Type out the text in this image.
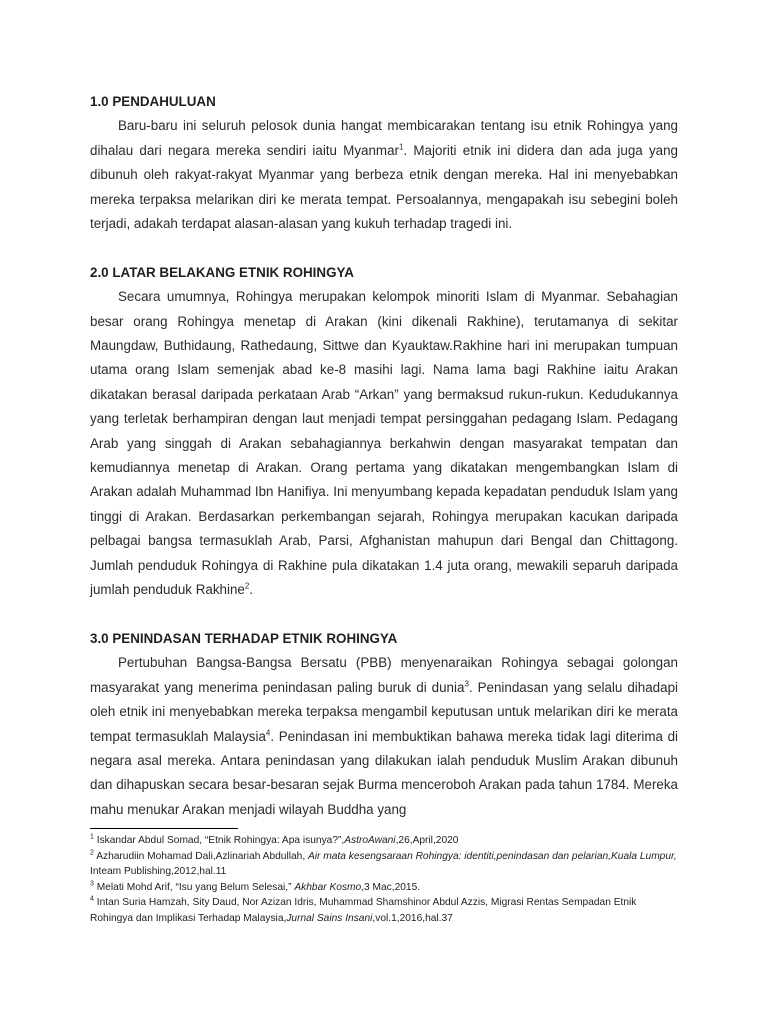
1.0 PENDAHULUAN

Baru-baru ini seluruh pelosok dunia hangat membicarakan tentang isu etnik Rohingya yang dihalau dari negara mereka sendiri iaitu Myanmar$^1$. Majoriti etnik ini didera dan ada juga yang dibunuh oleh rakyat-rakyat Myanmar yang berbeza etnik dengan mereka. Hal ini menyebabkan mereka terpaksa melarikan diri ke merata tempat. Persoalannya, mengapakah isu sebegini boleh terjadi, adakah terdapat alasan-alasan yang kukuh terhadap tragedi ini.

2.0 LATAR BELAKANG ETNIK ROHINGYA

Secara umumnya, Rohingya merupakan kelompok minoriti Islam di Myanmar. Sebahagian besar orang Rohingya menetap di Arakan (kini dikenali Rakhine), terutamanya di sekitar Maungdaw, Buthidaung, Rathedaung, Sittwe dan Kyauktaw.Rakhine hari ini merupakan tumpuan utama orang Islam semenjak abad ke-8 masihi lagi. Nama lama bagi Rakhine iaitu Arakan dikatakan berasal daripada perkataan Arab “Arkan” yang bermaksud rukun-rukun. Kedudukannya yang terletak berhampiran dengan laut menjadi tempat persinggahan pedagang Islam. Pedagang Arab yang singgah di Arakan sebahagiannya berkahwin dengan masyarakat tempatan dan kemudiannya menetap di Arakan. Orang pertama yang dikatakan mengembangkan Islam di Arakan adalah Muhammad Ibn Hanifiya. Ini menyumbang kepada kepadatan penduduk Islam yang tinggi di Arakan. Berdasarkan perkembangan sejarah, Rohingya merupakan kacukan daripada pelbagai bangsa termasuklah Arab, Parsi, Afghanistan mahupun dari Bengal dan Chittagong. Jumlah penduduk Rohingya di Rakhine pula dikatakan 1.4 juta orang, mewakili separuh daripada jumlah penduduk Rakhine$^2$.

3.0 PENINDASAN TERHADAP ETNIK ROHINGYA

Pertubuhan Bangsa-Bangsa Bersatu (PBB) menyenaraikan Rohingya sebagai golongan masyarakat yang menerima penindasan paling buruk di dunia$^3$. Penindasan yang selalu dihadapi oleh etnik ini menyebabkan mereka terpaksa mengambil keputusan untuk melarikan diri ke merata tempat termasuklah Malaysia$^4$. Penindasan ini membuktikan bahawa mereka tidak lagi diterima di negara asal mereka. Antara penindasan yang dilakukan ialah penduduk Muslim Arakan dibunuh dan dihapuskan secara besar-besaran sejak Burma menceroboh Arakan pada tahun 1784. Mereka mahu menukar Arakan menjadi wilayah Buddha yang

$^1$ Iskandar Abdul Somad, “Etnik Rohingya: Apa isunya?”,AstroAwani,26,April,2020

$^2$ Azharudiin Mohamad Dali,Azlinariah Abdullah, Air mata kesengsaraan Rohingya: identiti,penindasan dan pelarian,Kuala Lumpur, Inteam Publishing,2012,hal.11

$^3$ Melati Mohd Arif, “Isu yang Belum Selesai,” Akhbar Kosmo,3 Mac,2015.

$^4$ Intan Suria Hamzah, Sity Daud, Nor Azizan Idris, Muhammad Shamshinor Abdul Azzis, Migrasi Rentas Sempadan Etnik Rohingya dan Implikasi Terhadap Malaysia,Jurnal Sains Insani,vol.1,2016,hal.37
